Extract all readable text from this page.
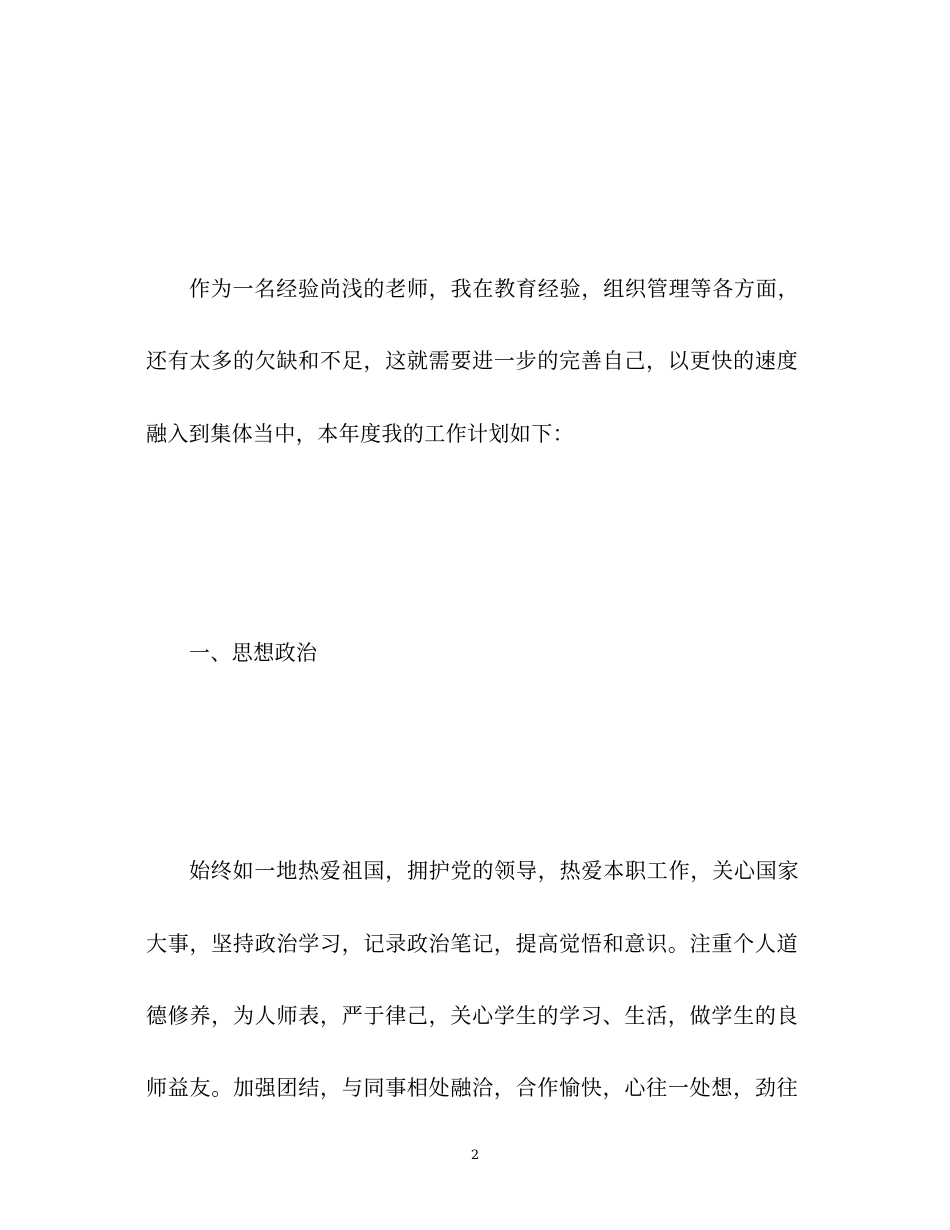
作为一名经验尚浅的老师，我在教育经验，组织管理等各方面，
还有太多的欠缺和不足，这就需要进一步的完善自己，以更快的速度
融入到集体当中，本年度我的工作计划如下：
一、思想政治
始终如一地热爱祖国，拥护党的领导，热爱本职工作，关心国家
大事，坚持政治学习，记录政治笔记，提高觉悟和意识。注重个人道
德修养，为人师表，严于律己，关心学生的学习、生活，做学生的良
师益友。加强团结，与同事相处融洽，合作愉快，心往一处想，劲往
2
